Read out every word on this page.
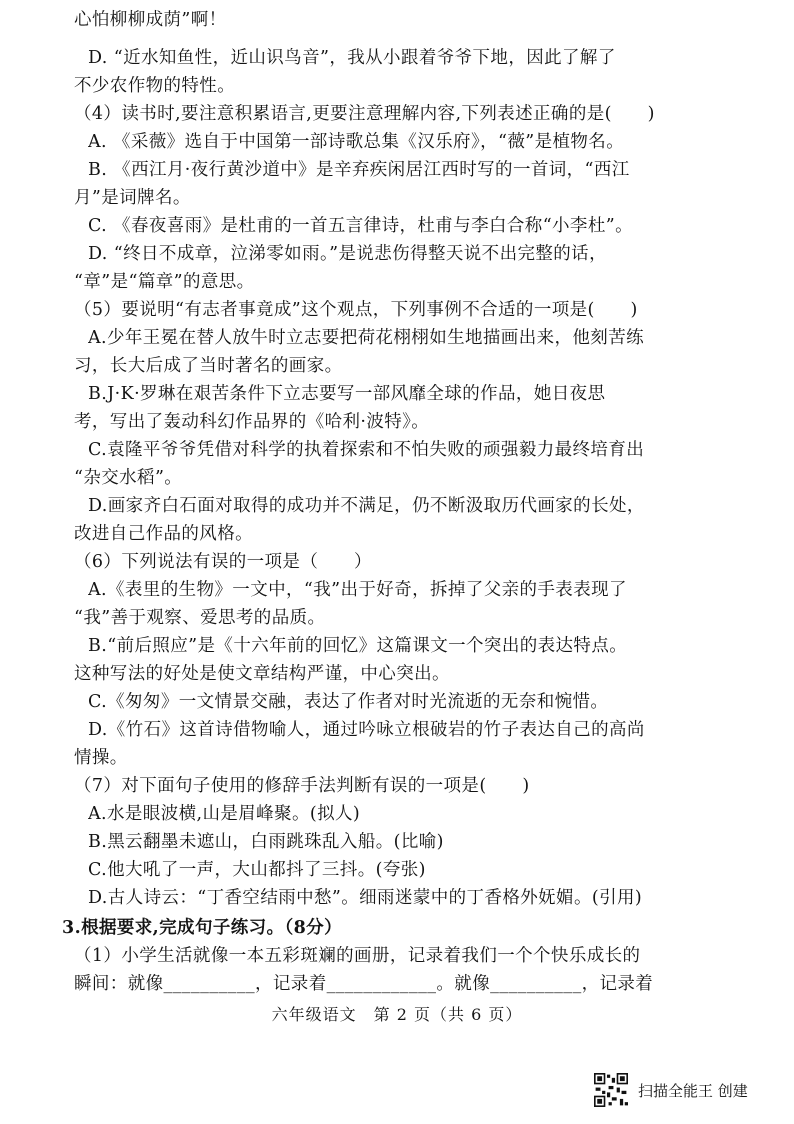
心怕柳柳成荫”啊！
D. “近水知鱼性，近山识鸟音”，我从小跟着爷爷下地，因此了解了
不少农作物的特性。
（4）读书时,要注意积累语言,更要注意理解内容,下列表述正确的是(　　)
A. 《采薇》选自于中国第一部诗歌总集《汉乐府》，“薇”是植物名。
B. 《西江月·夜行黄沙道中》是辛弃疾闲居江西时写的一首词，“西江
月”是词牌名。
C. 《春夜喜雨》是杜甫的一首五言律诗，杜甫与李白合称“小李杜”。
D. “终日不成章，泣涕零如雨。”是说悲伤得整天说不出完整的话，
“章”是“篇章”的意思。
（5）要说明“有志者事竟成”这个观点，下列事例不合适的一项是(　　)
A.少年王冕在替人放牛时立志要把荷花栩栩如生地描画出来，他刻苦练
习，长大后成了当时著名的画家。
B.J·K·罗琳在艰苦条件下立志要写一部风靡全球的作品，她日夜思
考，写出了轰动科幻作品界的《哈利·波特》。
C.袁隆平爷爷凭借对科学的执着探索和不怕失败的顽强毅力最终培育出
“杂交水稻”。
D.画家齐白石面对取得的成功并不满足，仍不断汲取历代画家的长处，
改进自己作品的风格。
（6）下列说法有误的一项是（　　）
A.《表里的生物》一文中，“我”出于好奇，拆掉了父亲的手表表现了
“我”善于观察、爱思考的品质。
B.“前后照应”是《十六年前的回忆》这篇课文一个突出的表达特点。
这种写法的好处是使文章结构严谨，中心突出。
C.《匆匆》一文情景交融，表达了作者对时光流逝的无奈和惋惜。
D.《竹石》这首诗借物喻人，通过吟咏立根破岩的竹子表达自己的高尚
情操。
（7）对下面句子使用的修辞手法判断有误的一项是(　　)
A.水是眼波横,山是眉峰聚。(拟人)
B.黑云翻墨未遮山，白雨跳珠乱入船。(比喻)
C.他大吼了一声，大山都抖了三抖。(夸张)
D.古人诗云：“丁香空结雨中愁”。细雨迷蒙中的丁香格外妩媚。(引用)
3.根据要求,完成句子练习。（8分）
（1）小学生活就像一本五彩斑斓的画册，记录着我们一个个快乐成长的
瞬间：就像__________，记录着____________。就像__________，记录着
六年级语文　第 2 页（共 6 页）
扫描全能王 创建
